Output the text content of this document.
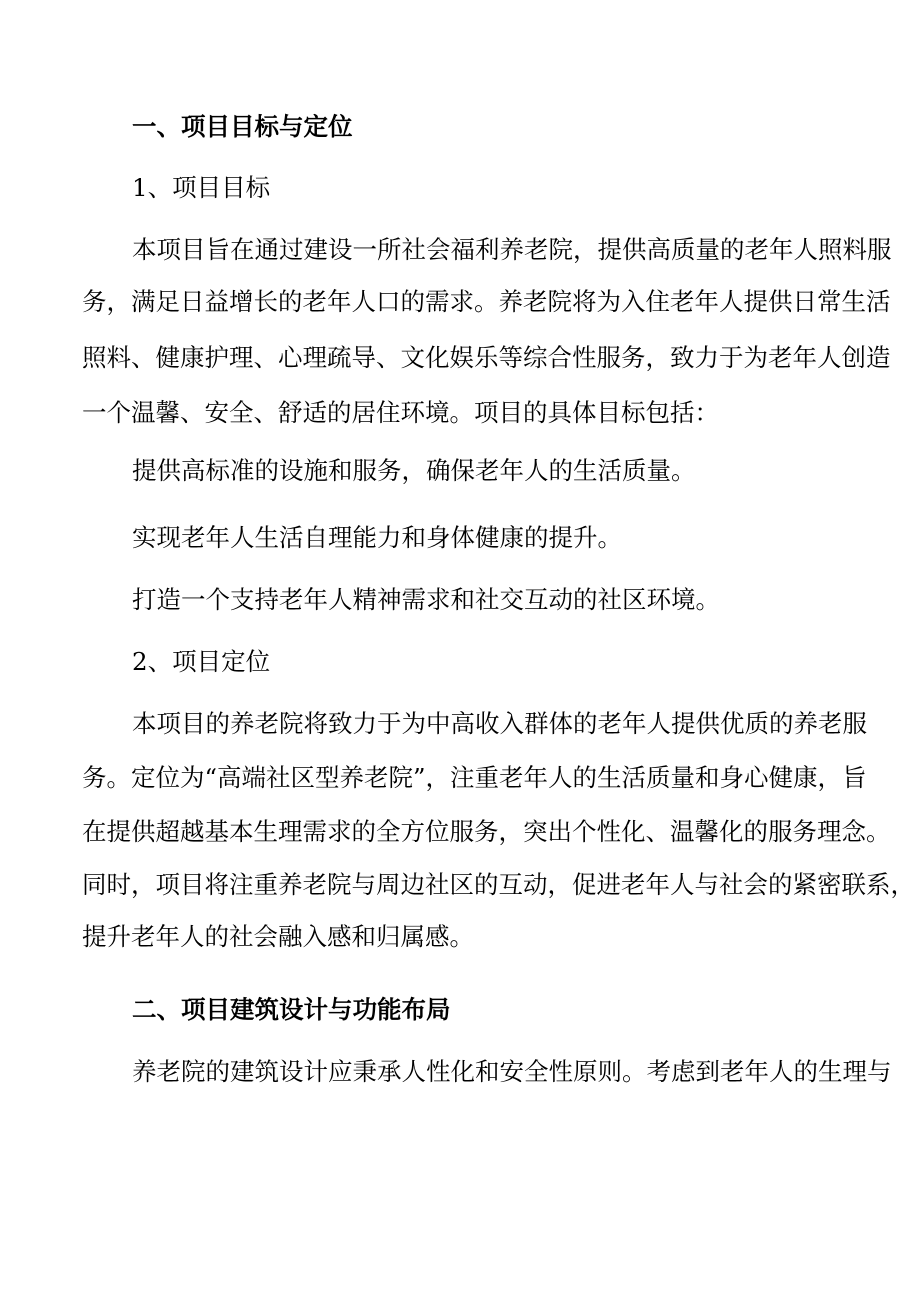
一、项目目标与定位
1、项目目标
本项目旨在通过建设一所社会福利养老院，提供高质量的老年人照料服
务，满足日益增长的老年人口的需求。养老院将为入住老年人提供日常生活
照料、健康护理、心理疏导、文化娱乐等综合性服务，致力于为老年人创造
一个温馨、安全、舒适的居住环境。项目的具体目标包括：
提供高标准的设施和服务，确保老年人的生活质量。
实现老年人生活自理能力和身体健康的提升。
打造一个支持老年人精神需求和社交互动的社区环境。
2、项目定位
本项目的养老院将致力于为中高收入群体的老年人提供优质的养老服
务。定位为“高端社区型养老院”，注重老年人的生活质量和身心健康，旨
在提供超越基本生理需求的全方位服务，突出个性化、温馨化的服务理念。
同时，项目将注重养老院与周边社区的互动，促进老年人与社会的紧密联系，
提升老年人的社会融入感和归属感。
二、项目建筑设计与功能布局
养老院的建筑设计应秉承人性化和安全性原则。考虑到老年人的生理与
